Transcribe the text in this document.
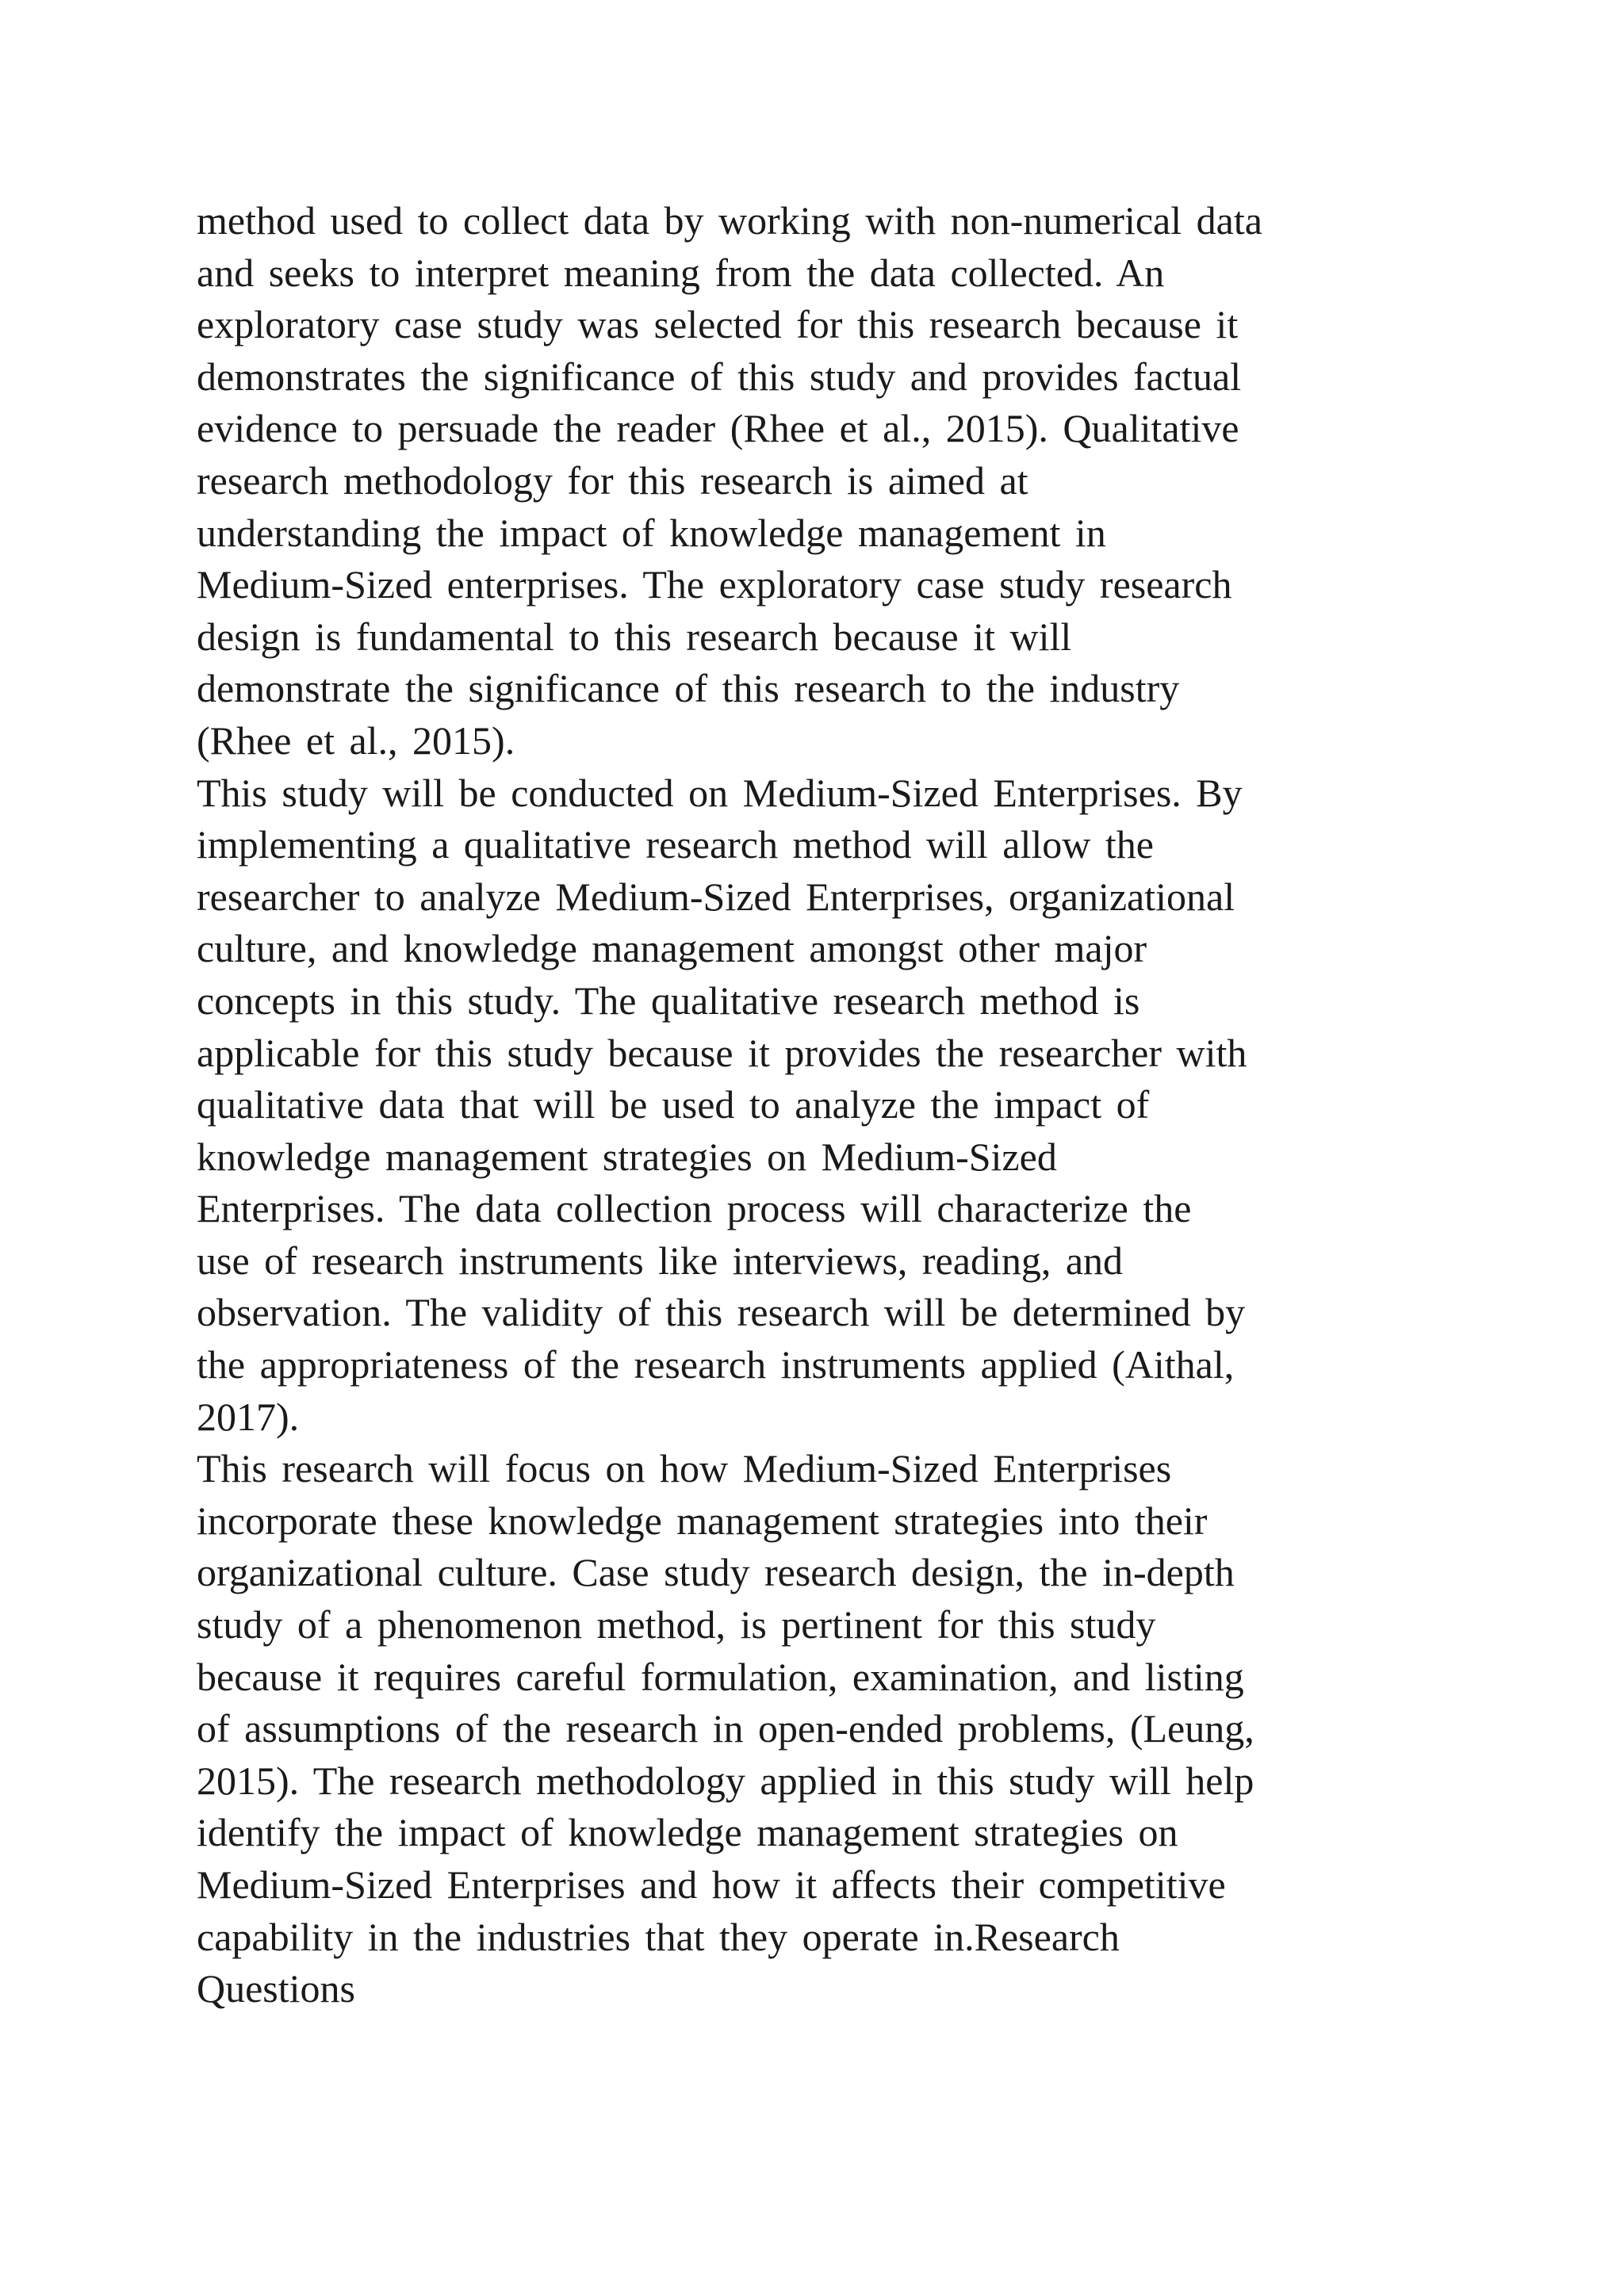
method used to collect data by working with non-numerical data
and seeks to interpret meaning from the data collected. An
exploratory case study was selected for this research because it
demonstrates the significance of this study and provides factual
evidence to persuade the reader (Rhee et al., 2015). Qualitative
research methodology for this research is aimed at
understanding the impact of knowledge management in
Medium-Sized enterprises. The exploratory case study research
design is fundamental to this research because it will
demonstrate the significance of this research to the industry
(Rhee et al., 2015).
This study will be conducted on Medium-Sized Enterprises. By
implementing a qualitative research method will allow the
researcher to analyze Medium-Sized Enterprises, organizational
culture, and knowledge management amongst other major
concepts in this study. The qualitative research method is
applicable for this study because it provides the researcher with
qualitative data that will be used to analyze the impact of
knowledge management strategies on Medium-Sized
Enterprises. The data collection process will characterize the
use of research instruments like interviews, reading, and
observation. The validity of this research will be determined by
the appropriateness of the research instruments applied (Aithal,
2017).
This research will focus on how Medium-Sized Enterprises
incorporate these knowledge management strategies into their
organizational culture. Case study research design, the in-depth
study of a phenomenon method, is pertinent for this study
because it requires careful formulation, examination, and listing
of assumptions of the research in open-ended problems, (Leung,
2015). The research methodology applied in this study will help
identify the impact of knowledge management strategies on
Medium-Sized Enterprises and how it affects their competitive
capability in the industries that they operate in.Research
Questions
